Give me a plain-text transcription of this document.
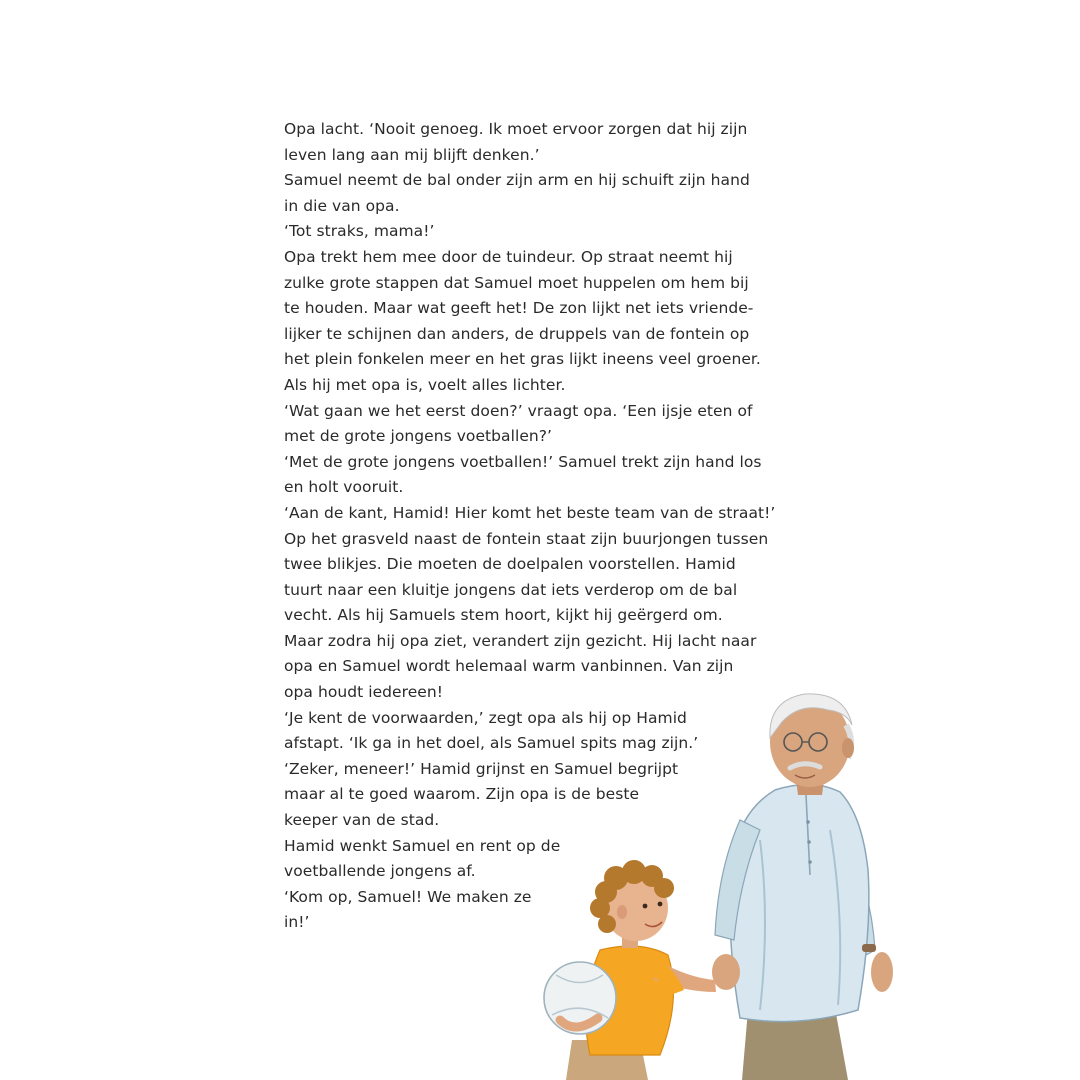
Opa lacht. ‘Nooit genoeg. Ik moet ervoor zorgen dat hij zijn
leven lang aan mij blijft denken.’
Samuel neemt de bal onder zijn arm en hij schuift zijn hand
in die van opa.
‘Tot straks, mama!’
Opa trekt hem mee door de tuindeur. Op straat neemt hij
zulke grote stappen dat Samuel moet huppelen om hem bij
te houden. Maar wat geeft het! De zon lijkt net iets vriende-
lijker te schijnen dan anders, de druppels van de fontein op
het plein fonkelen meer en het gras lijkt ineens veel groener.
Als hij met opa is, voelt alles lichter.
‘Wat gaan we het eerst doen?’ vraagt opa. ‘Een ijsje eten of
met de grote jongens voetballen?’
‘Met de grote jongens voetballen!’ Samuel trekt zijn hand los
en holt vooruit.
‘Aan de kant, Hamid! Hier komt het beste team van de straat!’
Op het grasveld naast de fontein staat zijn buurjongen tussen
twee blikjes. Die moeten de doelpalen voorstellen. Hamid
tuurt naar een kluitje jongens dat iets verderop om de bal
vecht. Als hij Samuels stem hoort, kijkt hij geërgerd om.
Maar zodra hij opa ziet, verandert zijn gezicht. Hij lacht naar
opa en Samuel wordt helemaal warm vanbinnen. Van zijn
opa houdt iedereen!
‘Je kent de voorwaarden,’ zegt opa als hij op Hamid
afstapt. ‘Ik ga in het doel, als Samuel spits mag zijn.’
‘Zeker, meneer!’ Hamid grijnst en Samuel begrijpt
maar al te goed waarom. Zijn opa is de beste
keeper van de stad.
Hamid wenkt Samuel en rent op de
voetballende jongens af.
‘Kom op, Samuel! We maken ze
in!’
